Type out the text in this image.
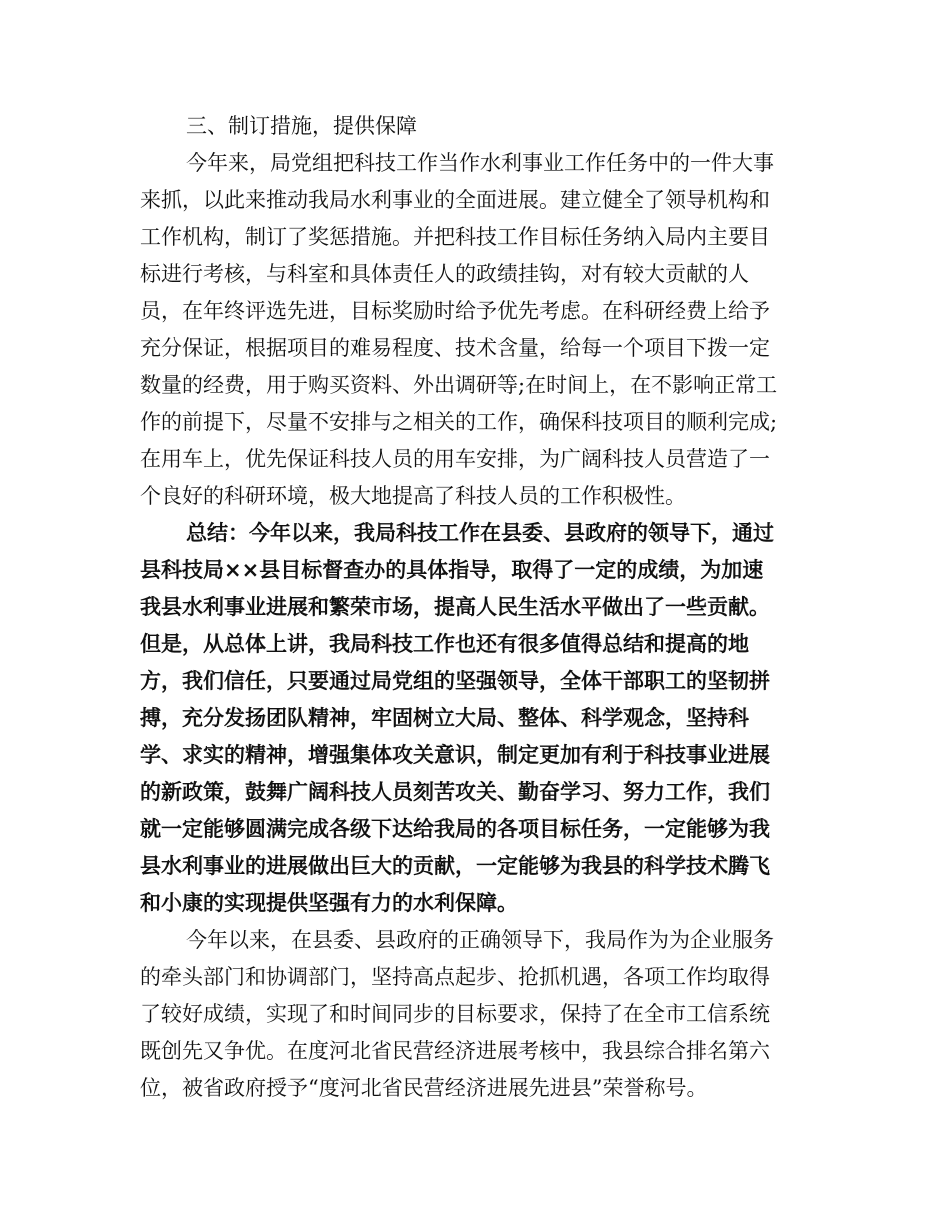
三、制订措施，提供保障
今年来，局党组把科技工作当作水利事业工作任务中的一件大事
来抓，以此来推动我局水利事业的全面进展。建立健全了领导机构和
工作机构，制订了奖惩措施。并把科技工作目标任务纳入局内主要目
标进行考核，与科室和具体责任人的政绩挂钩，对有较大贡献的人
员，在年终评选先进，目标奖励时给予优先考虑。在科研经费上给予
充分保证，根据项目的难易程度、技术含量，给每一个项目下拨一定
数量的经费，用于购买资料、外出调研等;在时间上，在不影响正常工
作的前提下，尽量不安排与之相关的工作，确保科技项目的顺利完成;
在用车上，优先保证科技人员的用车安排，为广阔科技人员营造了一
个良好的科研环境，极大地提高了科技人员的工作积极性。
总结：今年以来，我局科技工作在县委、县政府的领导下，通过
县科技局××县目标督查办的具体指导，取得了一定的成绩，为加速
我县水利事业进展和繁荣市场，提高人民生活水平做出了一些贡献。
但是，从总体上讲，我局科技工作也还有很多值得总结和提高的地
方，我们信任，只要通过局党组的坚强领导，全体干部职工的坚韧拼
搏，充分发扬团队精神，牢固树立大局、整体、科学观念，坚持科
学、求实的精神，增强集体攻关意识，制定更加有利于科技事业进展
的新政策，鼓舞广阔科技人员刻苦攻关、勤奋学习、努力工作，我们
就一定能够圆满完成各级下达给我局的各项目标任务，一定能够为我
县水利事业的进展做出巨大的贡献，一定能够为我县的科学技术腾飞
和小康的实现提供坚强有力的水利保障。
今年以来，在县委、县政府的正确领导下，我局作为为企业服务
的牵头部门和协调部门，坚持高点起步、抢抓机遇，各项工作均取得
了较好成绩，实现了和时间同步的目标要求，保持了在全市工信系统
既创先又争优。在度河北省民营经济进展考核中，我县综合排名第六
位，被省政府授予“度河北省民营经济进展先进县”荣誉称号。
